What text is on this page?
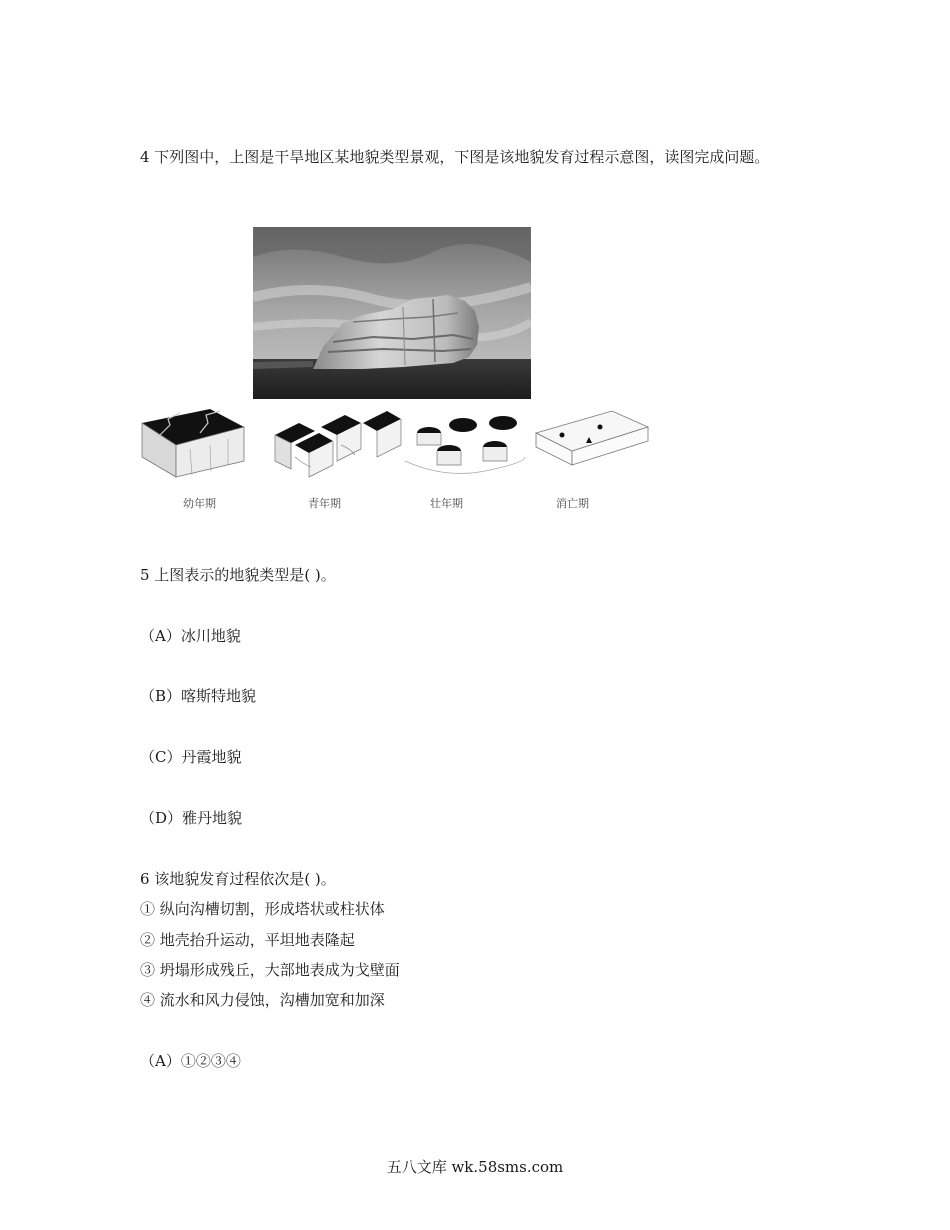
4 下列图中，上图是干旱地区某地貌类型景观，下图是该地貌发育过程示意图，读图完成问题。
幼年期	青年期	壮年期	消亡期
5 上图表示的地貌类型是( )。
（A）冰川地貌
（B）喀斯特地貌
（C）丹霞地貌
（D）雅丹地貌
6 该地貌发育过程依次是( )。
① 纵向沟槽切割，形成塔状或柱状体
② 地壳抬升运动，平坦地表隆起
③ 坍塌形成残丘，大部地表成为戈壁面
④ 流水和风力侵蚀，沟槽加宽和加深
（A）①②③④
五八文库 wk.58sms.com
